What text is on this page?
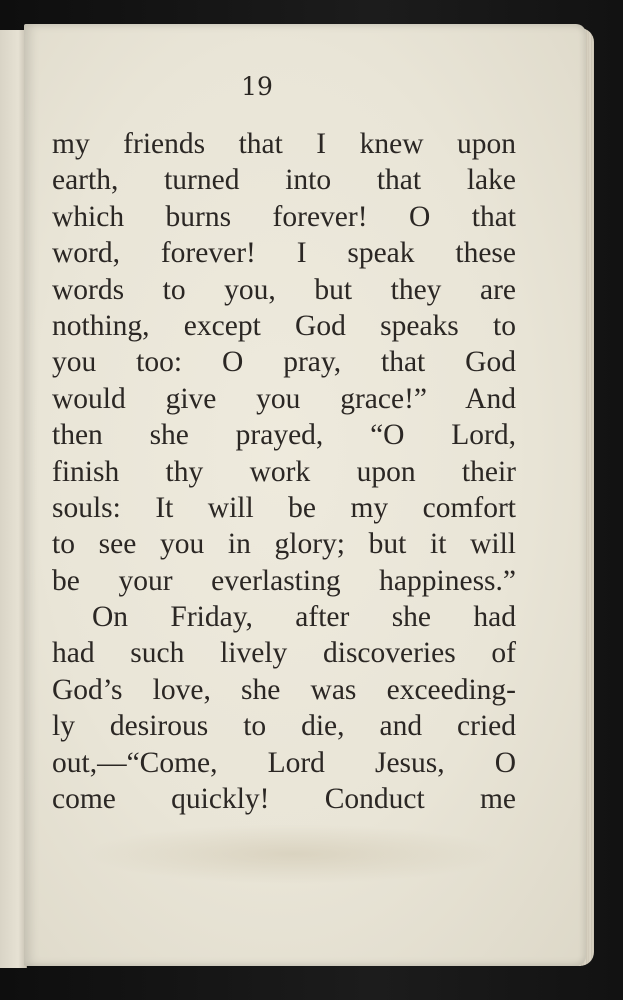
19
my friends that I knew upon
earth, turned into that lake
which burns forever! O that
word, forever! I speak these
words to you, but they are
nothing, except God speaks to
you too: O pray, that God
would give you grace!” And
then she prayed, “O Lord,
finish thy work upon their
souls: It will be my comfort
to see you in glory; but it will
be your everlasting happiness.”
On Friday, after she had
had such lively discoveries of
God’s love, she was exceeding-
ly desirous to die, and cried
out,—“Come, Lord Jesus, O
come quickly! Conduct me
